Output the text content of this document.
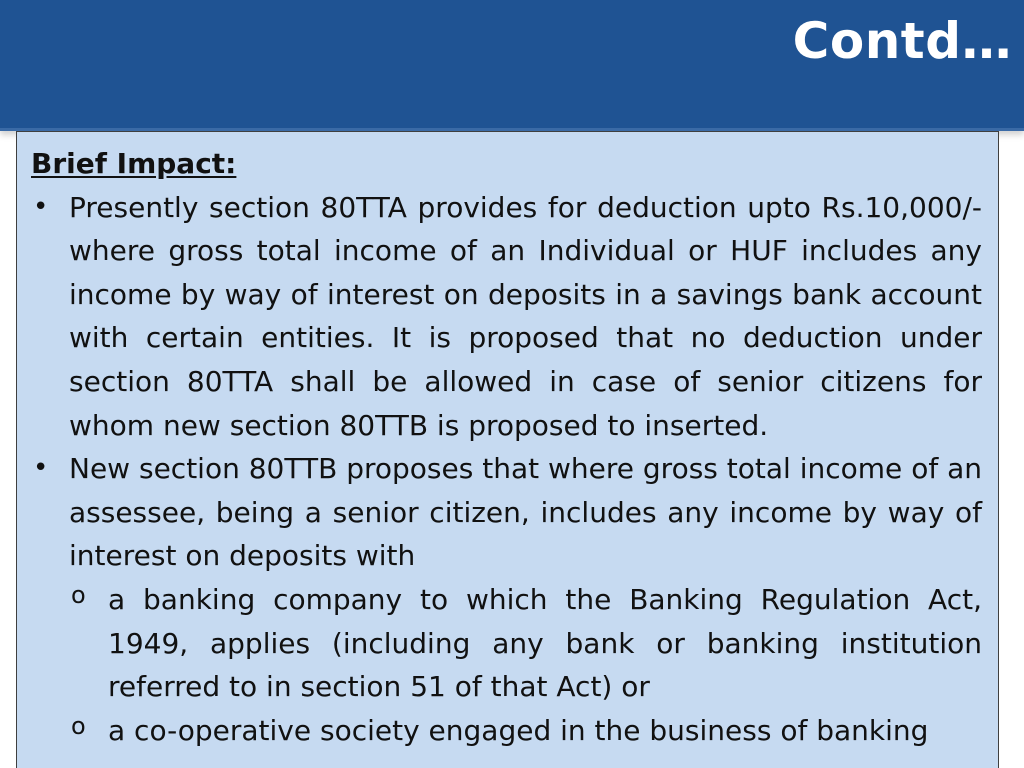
Contd…
Brief Impact:
• Presently section 80TTA provides for deduction upto Rs.10,000/- where gross total income of an Individual or HUF includes any income by way of interest on deposits in a savings bank account with certain entities. It is proposed that no deduction under section 80TTA shall be allowed in case of senior citizens for whom new section 80TTB is proposed to inserted.
• New section 80TTB proposes that where gross total income of an assessee, being a senior citizen, includes any income by way of interest on deposits with
o a banking company to which the Banking Regulation Act, 1949, applies (including any bank or banking institution referred to in section 51 of that Act) or
o a co-operative society engaged in the business of banking
